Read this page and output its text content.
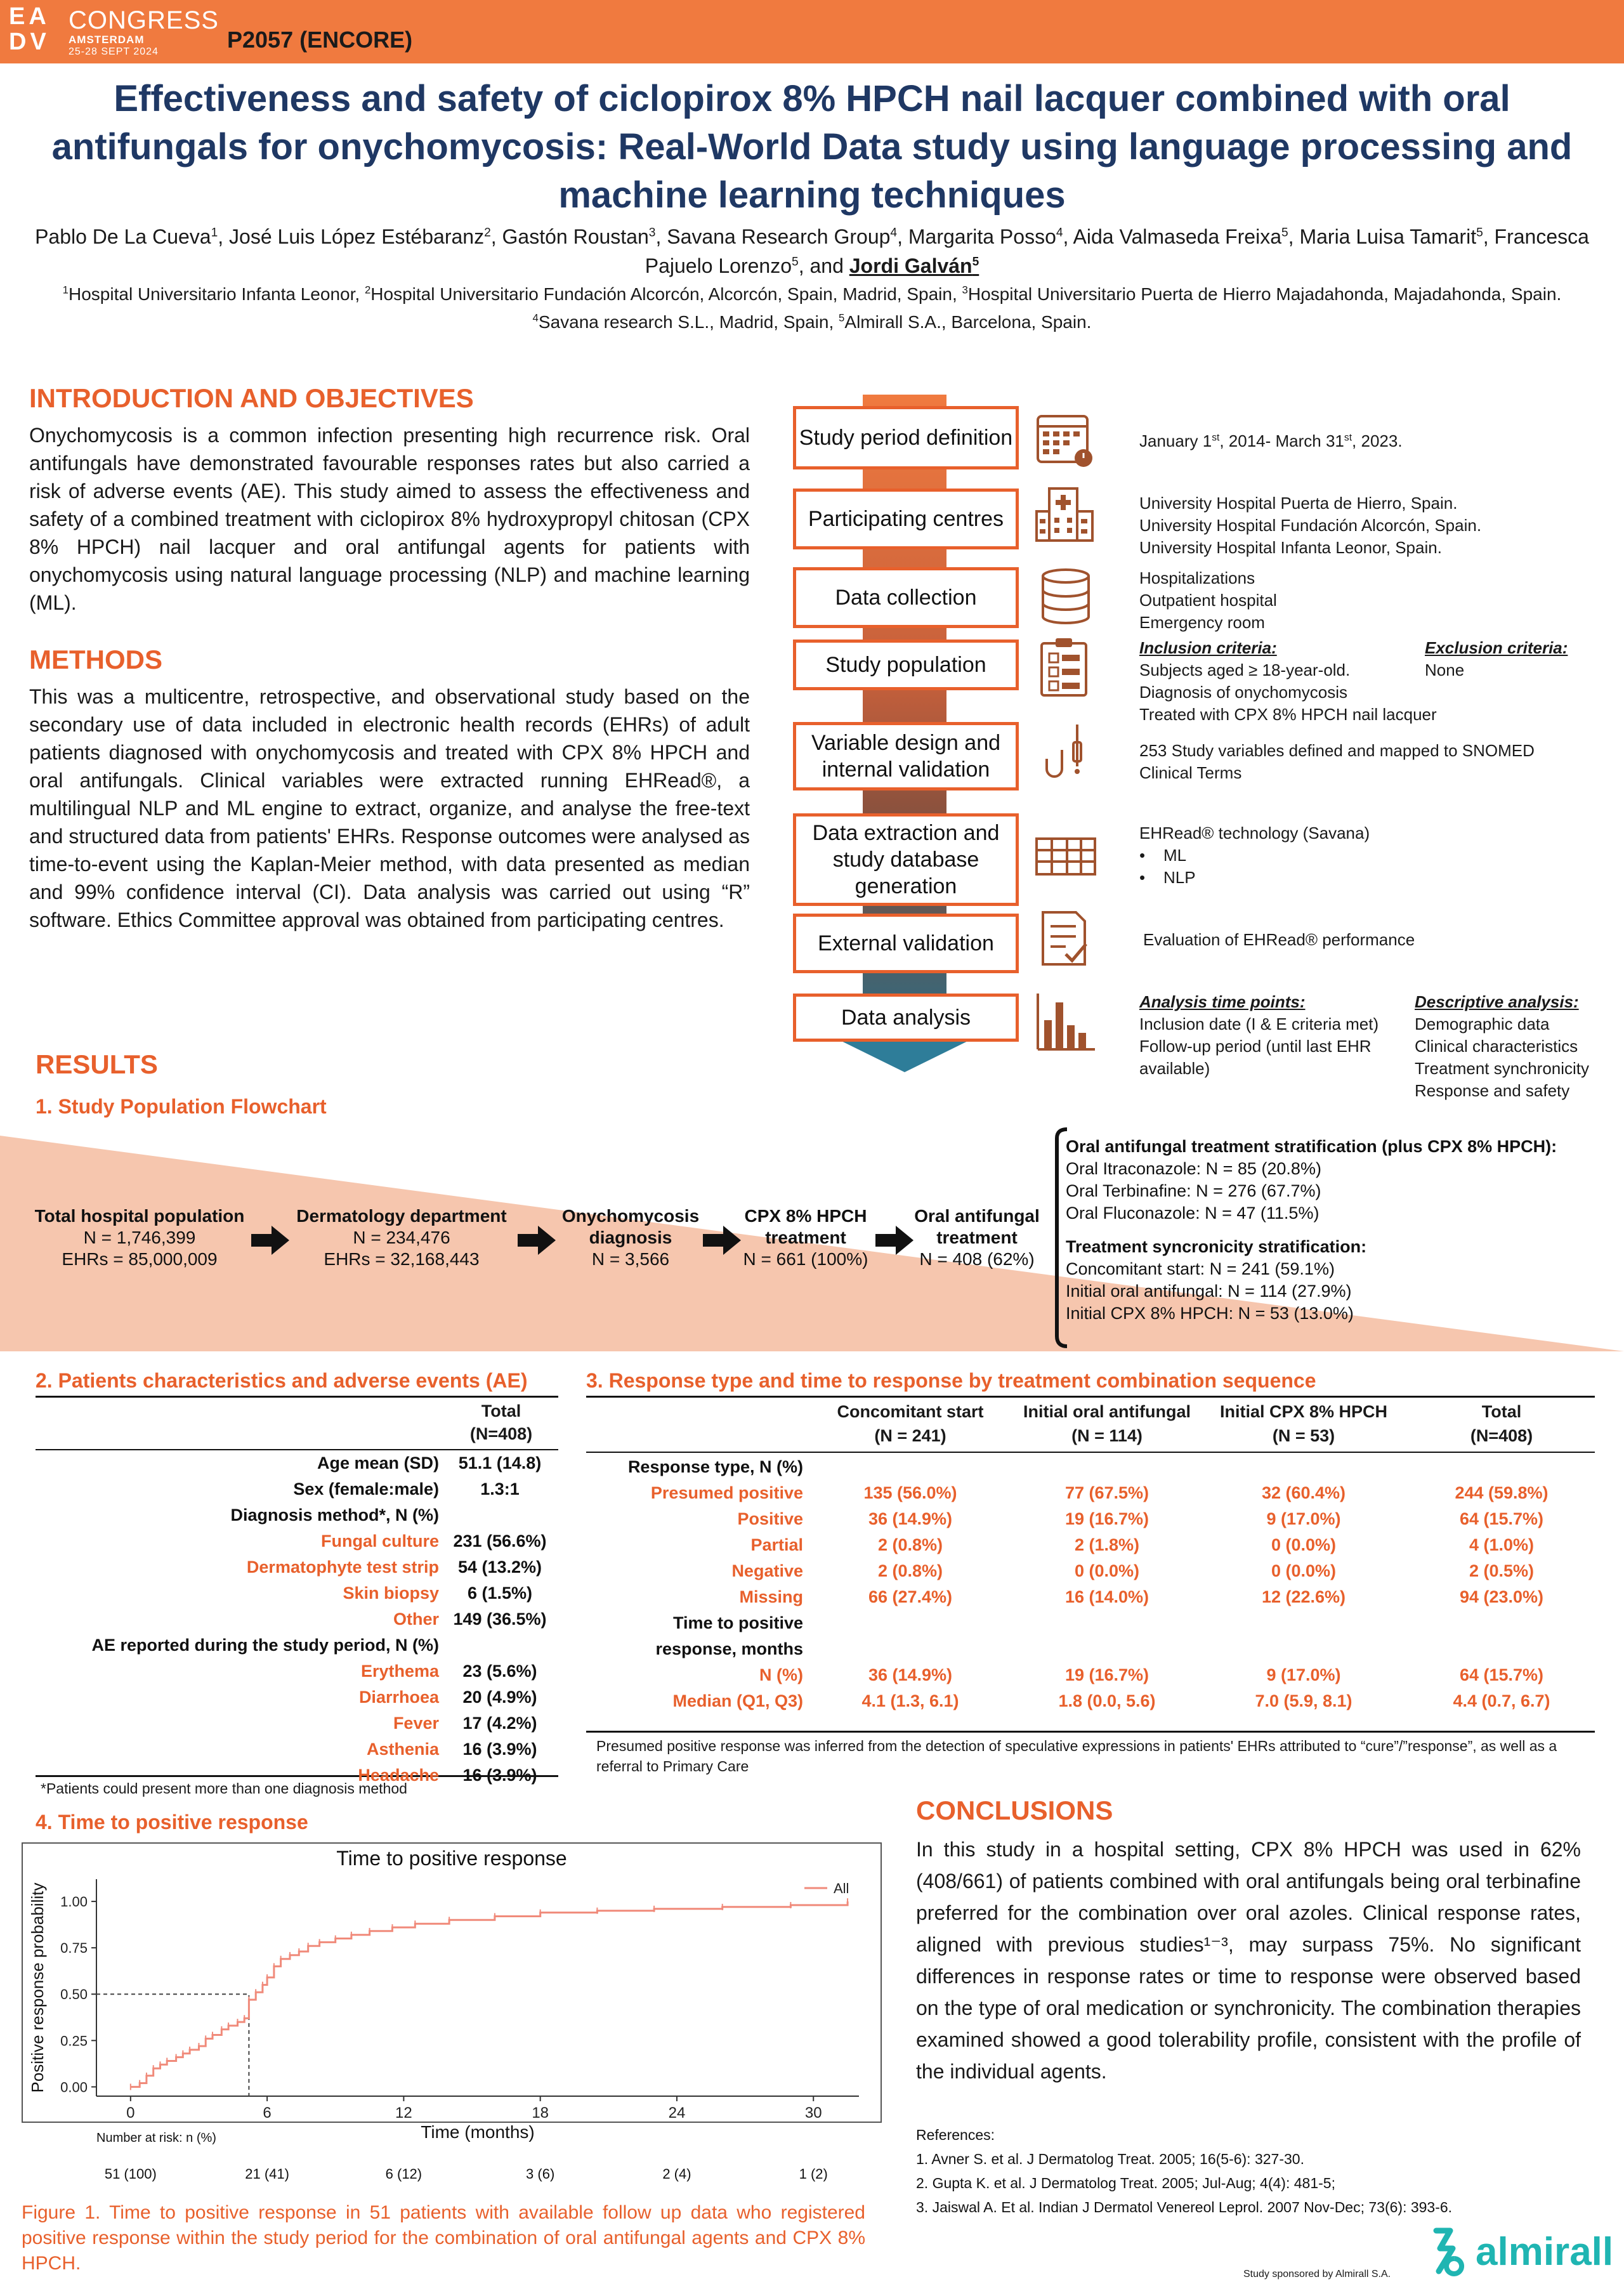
EA
DV
CONGRESS
AMSTERDAM
25-28 SEPT 2024	P2057 (ENCORE)
Effectiveness and safety of ciclopirox 8% HPCH nail lacquer combined with oral antifungals for onychomycosis: Real-World Data study using language processing and machine learning techniques
Pablo De La Cueva$^1$, José Luis López Estébaranz$^2$, Gastón Roustan$^3$, Savana Research Group$^4$, Margarita Posso$^4$, Aida Valmaseda Freixa$^5$, Maria Luisa Tamarit$^5$, Francesca Pajuelo Lorenzo$^5$, and Jordi Galván$^5$
$^1$Hospital Universitario Infanta Leonor, $^2$Hospital Universitario Fundación Alcorcón, Alcorcón, Spain, Madrid, Spain, $^3$Hospital Universitario Puerta de Hierro Majadahonda, Majadahonda, Spain. $^4$Savana research S.L., Madrid, Spain, $^5$Almirall S.A., Barcelona, Spain.
INTRODUCTION AND OBJECTIVES
Onychomycosis is a common infection presenting high recurrence risk. Oral antifungals have demonstrated favourable responses rates but also carried a risk of adverse events (AE). This study aimed to assess the effectiveness and safety of a combined treatment with ciclopirox 8% hydroxypropyl chitosan (CPX 8% HPCH) nail lacquer and oral antifungal agents for patients with onychomycosis using natural language processing (NLP) and machine learning (ML).
METHODS
This was a multicentre, retrospective, and observational study based on the secondary use of data included in electronic health records (EHRs) of adult patients diagnosed with onychomycosis and treated with CPX 8% HPCH and oral antifungals. Clinical variables were extracted running EHRead®, a multilingual NLP and ML engine to extract, organize, and analyse the free-text and structured data from patients' EHRs. Response outcomes were analysed as time-to-event using the Kaplan-Meier method, with data presented as median and 99% confidence interval (CI). Data analysis was carried out using “R” software. Ethics Committee approval was obtained from participating centres.
Study period definition
Participating centres
Data collection
Study population
Variable design and internal validation
Data extraction and study database generation
External validation
Data analysis
January 1st, 2014- March 31st, 2023.
University Hospital Puerta de Hierro, Spain.
University Hospital Fundación Alcorcón, Spain.
University Hospital Infanta Leonor, Spain.
Hospitalizations
Outpatient hospital
Emergency room
Inclusion criteria:
Subjects aged ≥ 18-year-old.
Diagnosis of onychomycosis
Treated with CPX 8% HPCH nail lacquer
Exclusion criteria:
None
253 Study variables defined and mapped to SNOMED
Clinical Terms
EHRead® technology (Savana)
•    ML
•    NLP
Evaluation of EHRead® performance
Analysis time points:
Inclusion date (I & E criteria met)
Follow-up period (until last EHR
available)
Descriptive analysis:
Demographic data
Clinical characteristics
Treatment synchronicity
Response and safety
RESULTS
1. Study Population Flowchart
Total hospital population
N = 1,746,399
EHRs = 85,000,009
Dermatology department
N = 234,476
EHRs = 32,168,443
Onychomycosis diagnosis
N = 3,566
CPX 8% HPCH treatment
N = 661 (100%)
Oral antifungal treatment
N = 408 (62%)
Oral antifungal treatment stratification (plus CPX 8% HPCH):
Oral Itraconazole: N = 85 (20.8%)
Oral Terbinafine: N = 276 (67.7%)
Oral Fluconazole: N = 47 (11.5%)
Treatment syncronicity stratification:
Concomitant start: N = 241 (59.1%)
Initial oral antifungal: N = 114 (27.9%)
Initial CPX 8% HPCH: N = 53 (13.0%)
2. Patients characteristics and adverse events (AE)
Total
(N=408)
Age mean (SD)	51.1 (14.8)
Sex (female:male)	1.3:1
Diagnosis method*, N (%)	
Fungal culture	231 (56.6%)
Dermatophyte test strip	54 (13.2%)
Skin biopsy	6 (1.5%)
Other	149 (36.5%)
AE reported during the study period, N (%)	
Erythema	23 (5.6%)
Diarrhoea	20 (4.9%)
Fever	17 (4.2%)
Asthenia	16 (3.9%)
Headache	16 (3.9%)
*Patients could present more than one diagnosis method
3. Response type and time to response by treatment combination sequence
Concomitant start
(N = 241)
Initial oral antifungal
(N = 114)
Initial CPX 8% HPCH
(N = 53)
Total
(N=408)
Response type, N (%)				
Presumed positive	135 (56.0%)	77 (67.5%)	32 (60.4%)	244 (59.8%)
Positive	36 (14.9%)	19 (16.7%)	9 (17.0%)	64 (15.7%)
Partial	2 (0.8%)	2 (1.8%)	0 (0.0%)	4 (1.0%)
Negative	2 (0.8%)	0 (0.0%)	0 (0.0%)	2 (0.5%)
Missing	66 (27.4%)	16 (14.0%)	12 (22.6%)	94 (23.0%)
Time to positive				
response, months				
N (%)	36 (14.9%)	19 (16.7%)	9 (17.0%)	64 (15.7%)
Median (Q1, Q3)	4.1 (1.3, 6.1)	1.8 (0.0, 5.6)	7.0 (5.9, 8.1)	4.4 (0.7, 6.7)
Presumed positive response was inferred from the detection of speculative expressions in patients' EHRs attributed to “cure”/”response”, as well as a referral to Primary Care
4. Time to positive response
Time to positive response
0.00
0.25
0.50
0.75
1.00
0	6	12	18	24	30
Time (months)
Positive response probability	All
Number at risk: n (%)
51 (100)	21 (41)	6 (12)	3 (6)	2 (4)	1 (2)
Figure 1. Time to positive response in 51 patients with available follow up data who registered positive response within the study period for the combination of oral antifungal agents and CPX 8% HPCH.
CONCLUSIONS
In this study in a hospital setting, CPX 8% HPCH was used in 62% (408/661) of patients combined with oral antifungals being oral terbinafine preferred for the combination over oral azoles. Clinical response rates, aligned with previous studies¹⁻³, may surpass 75%. No significant differences in response rates or time to response were observed based on the type of oral medication or synchronicity. The combination therapies examined showed a good tolerability profile, consistent with the profile of the individual agents.
References:
1. Avner S. et al. J Dermatolog Treat. 2005; 16(5-6): 327-30.
2. Gupta K. et al. J Dermatolog Treat. 2005; Jul-Aug; 4(4): 481-5;
3. Jaiswal A. Et al. Indian J Dermatol Venereol Leprol. 2007 Nov-Dec; 73(6): 393-6.
Study sponsored by Almirall S.A.
almirall
